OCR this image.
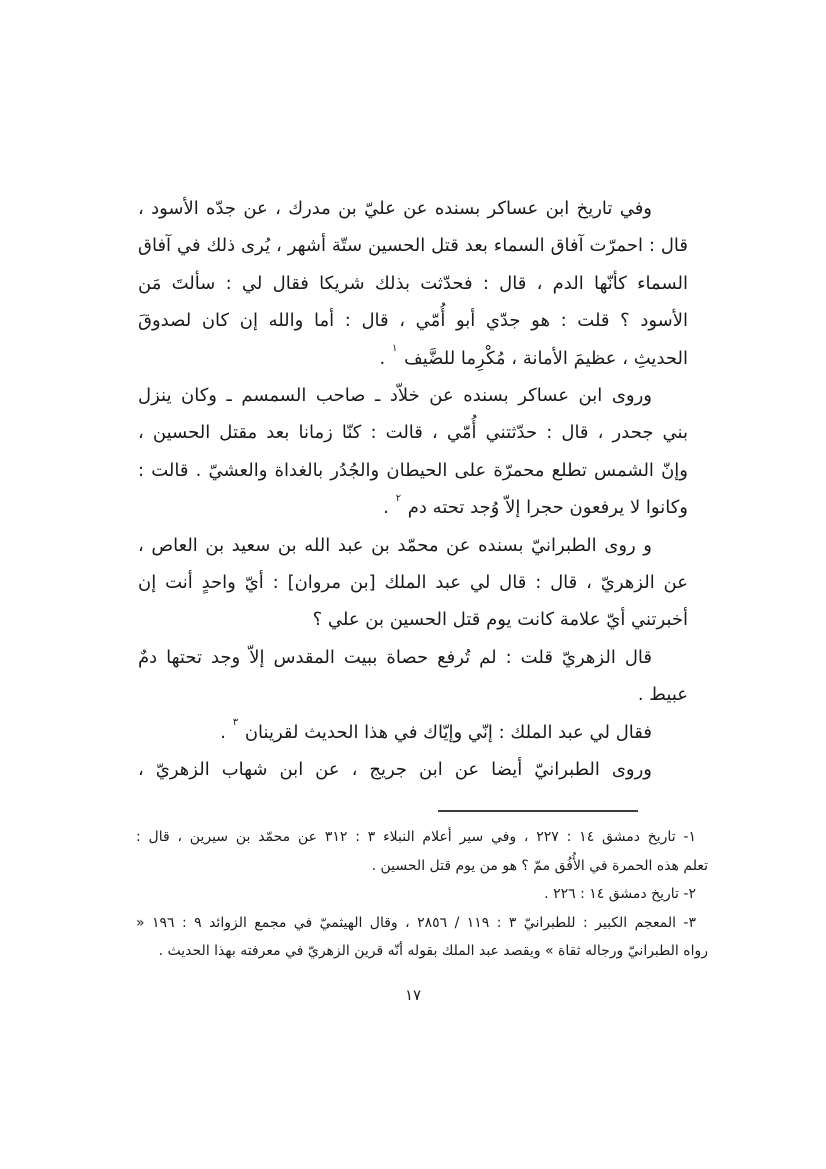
وفي تاريخ ابن عساكر بسنده عن عليّ بن مدرك ، عن جدّه الأسود ،
قال : احمرّت آفاق السماء بعد قتل الحسين ستّة أشهر ، يُرى ذلك في آفاق
السماء كأنّها الدم ، قال : فحدّثت بذلك شريكا فقال لي : سألتَ مَن
الأسود ؟ قلت : هو جدّي أبو أُمّي ، قال : أما والله إن كان لصدوقَ
الحديثِ ، عظيمَ الأمانة ، مُكْرِما للضَّيف $^١$ .
وروى ابن عساكر بسنده عن خلاّد ـ صاحب السمسم ـ وكان ينزل
بني جحدر ، قال : حدّثتني أُمّي ، قالت : كنّا زمانا بعد مقتل الحسين ،
وإنّ الشمس تطلع محمرّة على الحيطان والجُدُر بالغداة والعشيّ . قالت :
وكانوا لا يرفعون حجرا إلاّ وُجد تحته دم $^٢$ .
و روى الطبرانيّ بسنده عن محمّد بن عبد الله بن سعيد بن العاص ،
عن الزهريّ ، قال : قال لي عبد الملك [بن مروان] : أيّ واحدٍ أنت إن
أخبرتني أيّ علامة كانت يوم قتل الحسين بن علي ؟
قال الزهريّ قلت : لم تُرفع حصاة ببيت المقدس إلاّ وجد تحتها دمٌ
عبيط .
فقال لي عبد الملك : إنّي وإيّاك في هذا الحديث لقرينان $^٣$ .
وروى الطبرانيّ أيضا عن ابن جريج ، عن ابن شهاب الزهريّ ،
١- تاريخ دمشق ١٤ : ٢٢٧ ، وفي سير أعلام النبلاء ٣ : ٣١٢ عن محمّد بن سيرين ، قال :
تعلم هذه الحمرة في الأُفُق ممّ ؟ هو من يوم قتل الحسين .
٢- تاريخ دمشق ١٤ : ٢٢٦ .
٣- المعجم الكبير : للطبرانيّ ٣ : ١١٩ / ٢٨٥٦ ، وقال الهيثميّ في مجمع الزوائد ٩ : ١٩٦ «
رواه الطبرانيّ ورجاله ثقاة » ويقصد عبد الملك بقوله أنّه قرين الزهريّ في معرفته بهذا الحديث .
١٧
